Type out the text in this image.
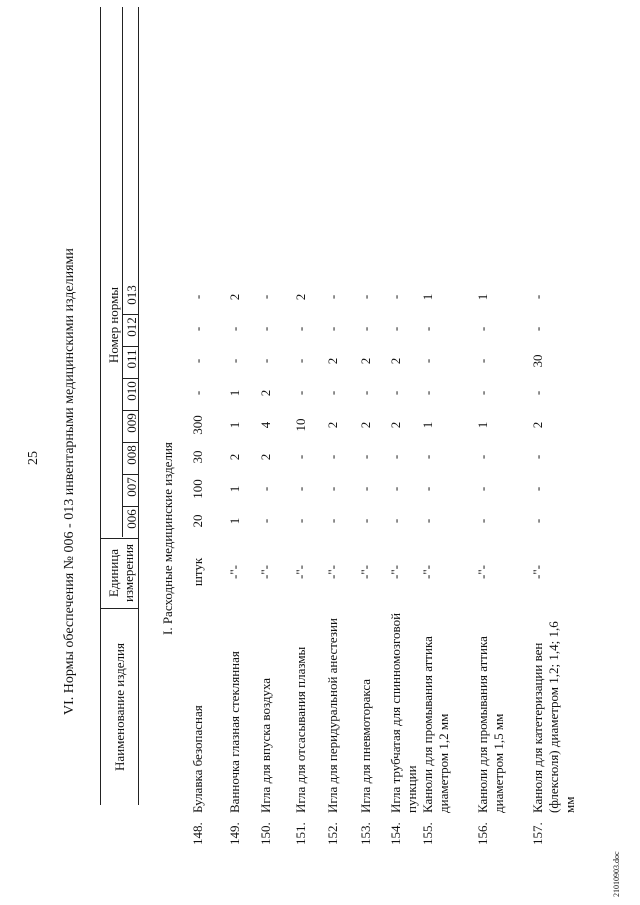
25 VI. Нормы обеспечения № 006 - 013 инвентарными медицинскими изделиями	Наименование изделия
Единица измерения
Номер нормы
006
007
008
009
010
011
012
013
I. Расходные медицинские изделия
148.
Булавка безопасная
штук
20
100
30
300
-
-
-
-
149.
Ванночка глазная стеклянная
-"-
1
1
2
1
1
-
-
2
150.
Игла для впуска воздуха
-"-
-
-
2
4
2
-
-
-
151.
Игла для отсасывания плазмы
-"-
-
-
-
10
-
-
-
2
152.
Игла для перидуральной анестезии
-"-
-
-
-
2
-
2
-
-
153.
Игла для пневмоторакса
-"-
-
-
-
2
-
2
-
-
154.
Игла трубчатая для спинномозговой пункции
-"-
-
-
-
2
-
2
-
-
155.
Канюли для промывания аттика диаметром 1,2 мм
-"-
-
-
-
1
-
-
-
1
156.
Канюли для промывания аттика диаметром 1,5 мм
-"-
-
-
-
1
-
-
-
1
157.
Канюля для катетеризации вен (флексюля) диаметром 1,2; 1,4; 1,6 мм
-"-
-
-
-
2
-
30
-
-
21010903.doc
